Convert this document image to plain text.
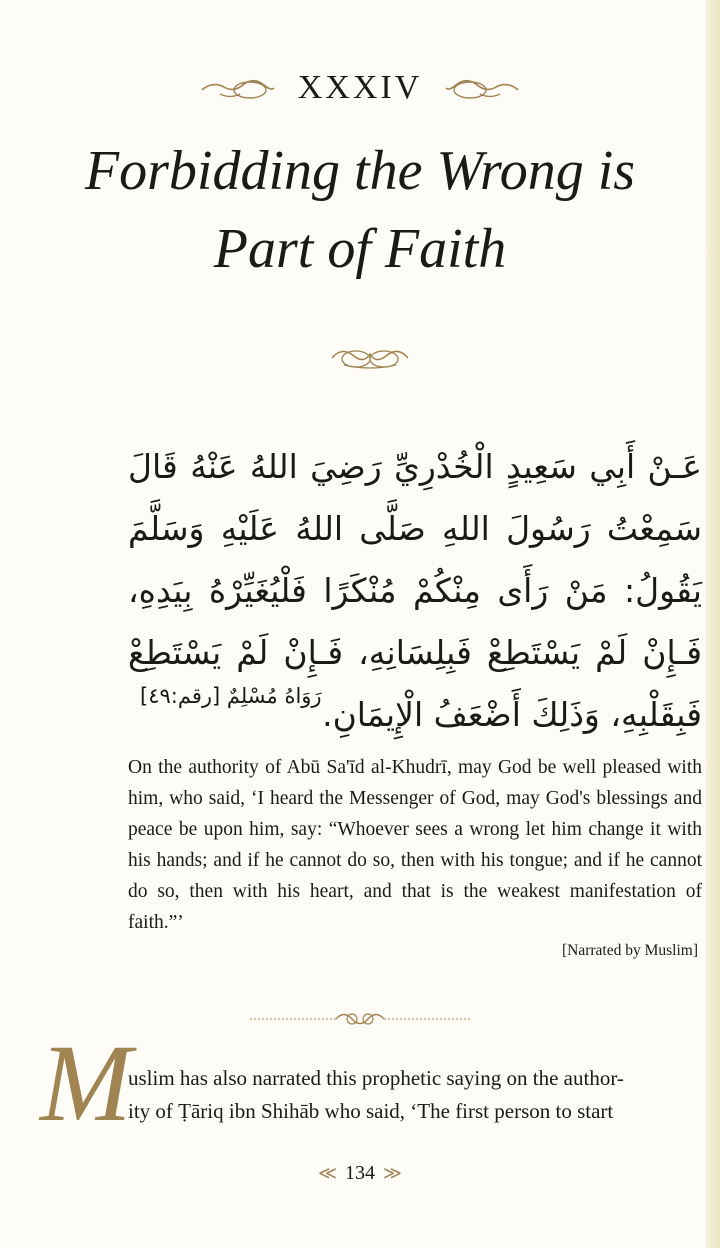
XXXIV
Forbidding the Wrong is
Part of Faith
عَـنْ أَبِي سَعِيدٍ الْخُدْرِيِّ رَضِيَ اللهُ عَنْهُ قَالَ سَمِعْتُ رَسُولَ اللهِ صَلَّى اللهُ عَلَيْهِ وَسَلَّمَ يَقُولُ: مَنْ رَأَى مِنْكُمْ مُنْكَرًا فَلْيُغَيِّرْهُ بِيَدِهِ، فَـإِنْ لَمْ يَسْتَطِعْ فَبِلِسَانِهِ، فَـإِنْ لَمْ يَسْتَطِعْ فَبِقَلْبِهِ، وَذَلِكَ أَضْعَفُ الْإِيمَانِ.
رَوَاهُ مُسْلِمٌ [رقم:٤٩]
On the authority of Abū Sa'īd al-Khudrī, may God be well pleased with him, who said, ‘I heard the Messenger of God, may God's blessings and peace be upon him, say: “Whoever sees a wrong let him change it with his hands; and if he cannot do so, then with his tongue; and if he cannot do so, then with his heart, and that is the weakest manifestation of faith.”’
[Narrated by Muslim]
M
uslim has also narrated this prophetic saying on the author-
ity of Ṭāriq ibn Shihāb who said, ‘The first person to start
≪ 134 ≫
